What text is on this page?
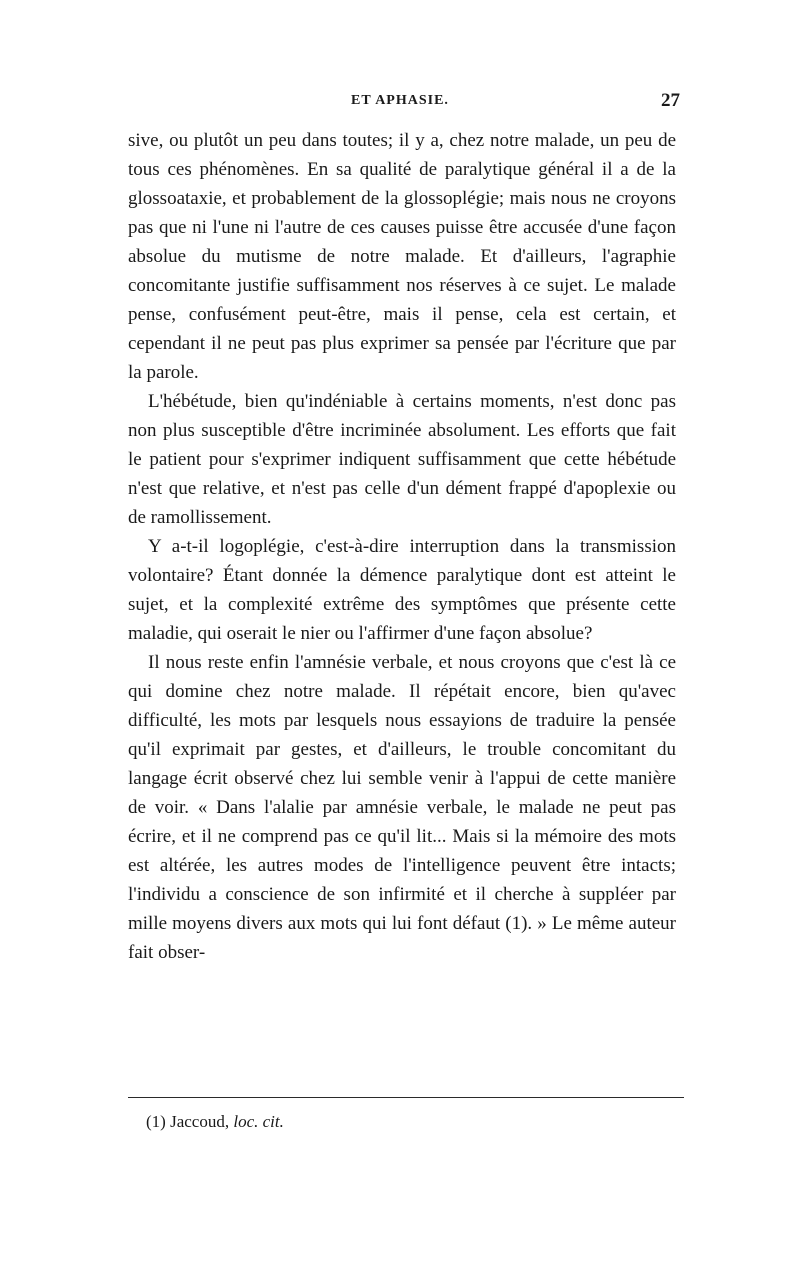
ET APHASIE.	27

sive, ou plutôt un peu dans toutes; il y a, chez notre malade, un peu de tous ces phénomènes. En sa qualité de paralytique général il a de la glossoataxie, et probablement de la glossoplégie; mais nous ne croyons pas que ni l'une ni l'autre de ces causes puisse être accusée d'une façon absolue du mutisme de notre malade. Et d'ailleurs, l'agraphie concomitante justifie suffisamment nos réserves à ce sujet. Le malade pense, confusément peut-être, mais il pense, cela est certain, et cependant il ne peut pas plus exprimer sa pensée par l'écriture que par la parole.

L'hébétude, bien qu'indéniable à certains moments, n'est donc pas non plus susceptible d'être incriminée absolument. Les efforts que fait le patient pour s'exprimer indiquent suffisamment que cette hébétude n'est que relative, et n'est pas celle d'un dément frappé d'apoplexie ou de ramollissement.

Y a-t-il logoplégie, c'est-à-dire interruption dans la transmission volontaire? Étant donnée la démence paralytique dont est atteint le sujet, et la complexité extrême des symptômes que présente cette maladie, qui oserait le nier ou l'affirmer d'une façon absolue?

Il nous reste enfin l'amnésie verbale, et nous croyons que c'est là ce qui domine chez notre malade. Il répétait encore, bien qu'avec difficulté, les mots par lesquels nous essayions de traduire la pensée qu'il exprimait par gestes, et d'ailleurs, le trouble concomitant du langage écrit observé chez lui semble venir à l'appui de cette manière de voir. « Dans l'alalie par amnésie verbale, le malade ne peut pas écrire, et il ne comprend pas ce qu'il lit... Mais si la mémoire des mots est altérée, les autres modes de l'intelligence peuvent être intacts; l'individu a conscience de son infirmité et il cherche à suppléer par mille moyens divers aux mots qui lui font défaut (1). » Le même auteur fait obser-

(1) Jaccoud, loc. cit.
